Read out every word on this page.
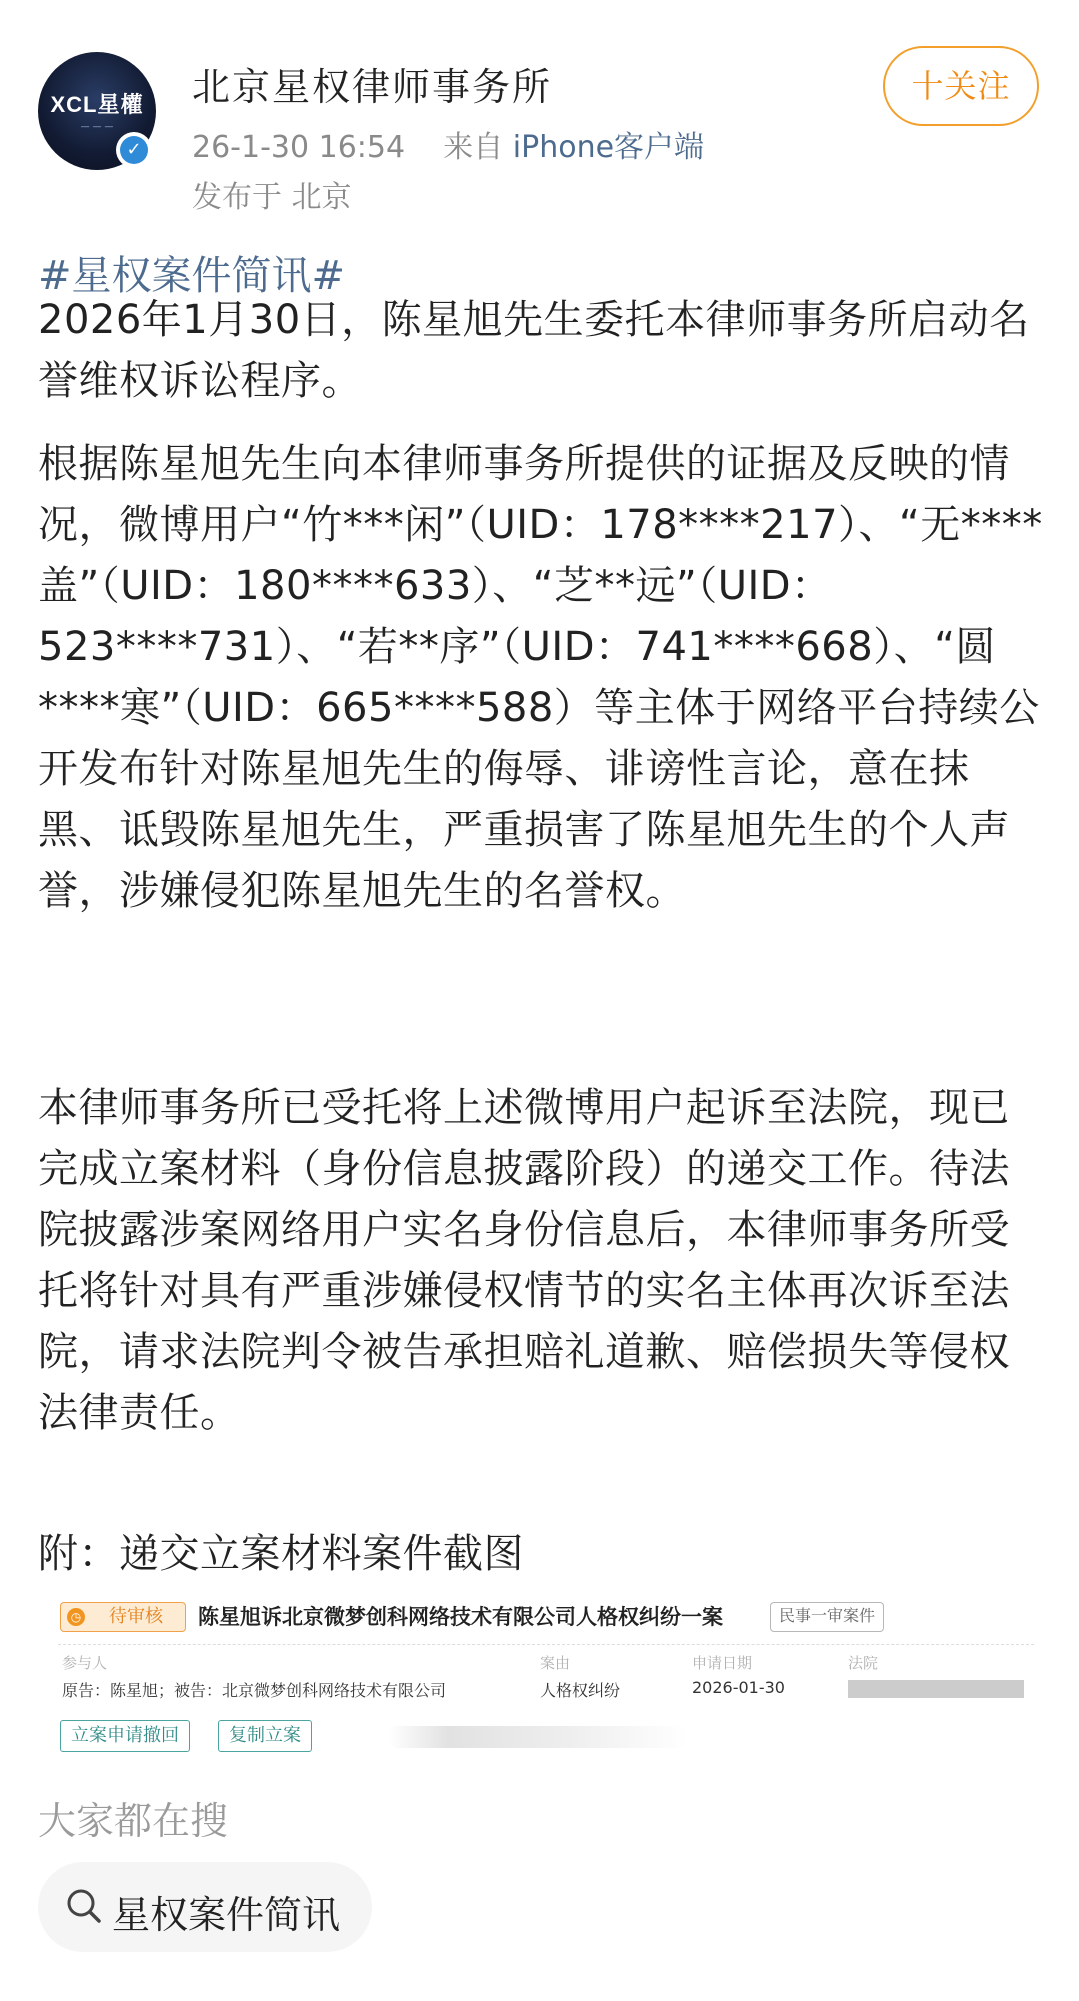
XCL星權
— — —
✓
北京星权律师事务所
26-1-30 16:54 来自 iPhone客户端
发布于 北京
十关注
#星权案件简讯#
2026年1月30日，陈星旭先生委托本律师事务所启动名誉维权诉讼程序。
根据陈星旭先生向本律师事务所提供的证据及反映的情况，微博用户“竹***闲”（UID：178****217）、“无****盖”（UID：180****633）、“芝**远”（UID：523****731）、“若**序”（UID：741****668）、“圆****寒”（UID：665****588）等主体于网络平台持续公开发布针对陈星旭先生的侮辱、诽谤性言论，意在抹黑、诋毁陈星旭先生，严重损害了陈星旭先生的个人声誉，涉嫌侵犯陈星旭先生的名誉权。
本律师事务所已受托将上述微博用户起诉至法院，现已完成立案材料（身份信息披露阶段）的递交工作。待法院披露涉案网络用户实名身份信息后，本律师事务所受托将针对具有严重涉嫌侵权情节的实名主体再次诉至法院，请求法院判令被告承担赔礼道歉、赔偿损失等侵权法律责任。
附：递交立案材料案件截图
◷ 待审核 陈星旭诉北京微梦创科网络技术有限公司人格权纠纷一案	民事一审案件
参与人
原告：陈星旭；被告：北京微梦创科网络技术有限公司
案由
人格权纠纷
申请日期
2026-01-30
法院
立案申请撤回	复制立案
大家都在搜
星权案件简讯
